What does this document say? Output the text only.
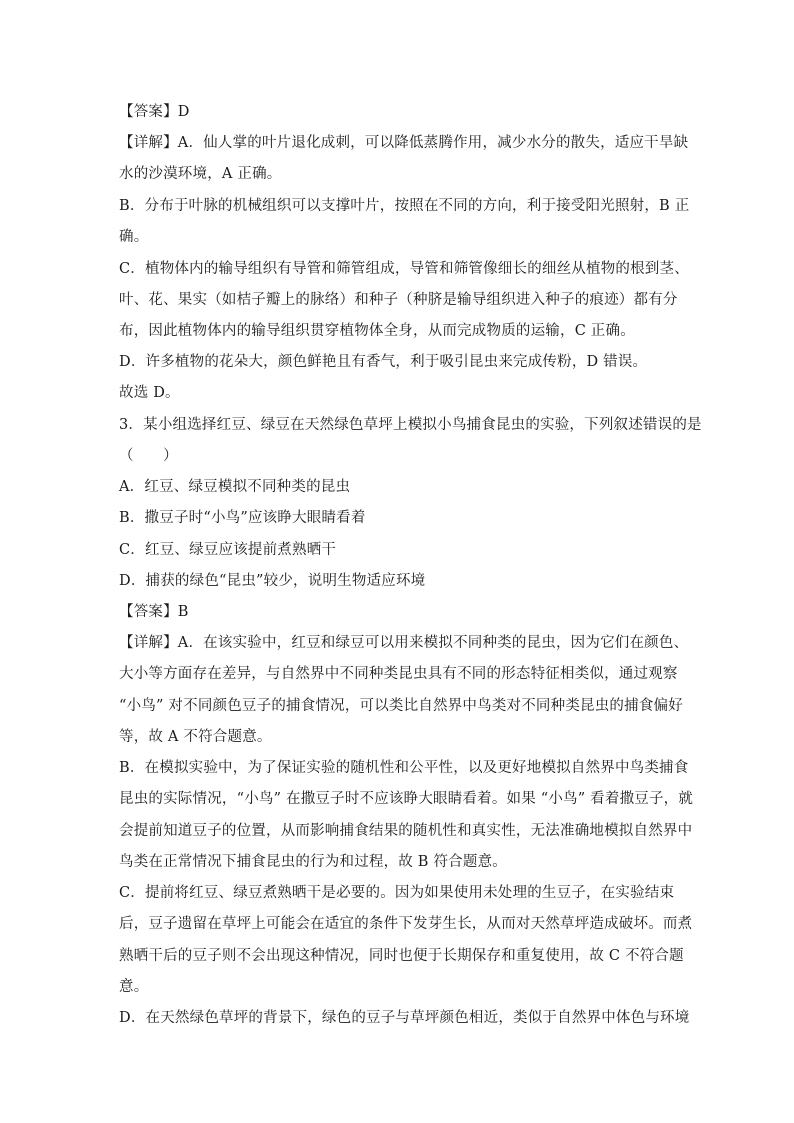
【答案】D
【详解】A．仙人掌的叶片退化成刺，可以降低蒸腾作用，减少水分的散失，适应干旱缺
水的沙漠环境，A 正确。
B．分布于叶脉的机械组织可以支撑叶片，按照在不同的方向，利于接受阳光照射，B 正
确。
C．植物体内的输导组织有导管和筛管组成，导管和筛管像细长的细丝从植物的根到茎、
叶、花、果实（如桔子瓣上的脉络）和种子（种脐是输导组织进入种子的痕迹）都有分
布，因此植物体内的输导组织贯穿植物体全身，从而完成物质的运输，C 正确。
D．许多植物的花朵大，颜色鲜艳且有香气，利于吸引昆虫来完成传粉，D 错误。
故选 D。
3．某小组选择红豆、绿豆在天然绿色草坪上模拟小鸟捕食昆虫的实验，下列叙述错误的是
（　　）
A．红豆、绿豆模拟不同种类的昆虫
B．撒豆子时“小鸟”应该睁大眼睛看着
C．红豆、绿豆应该提前煮熟晒干
D．捕获的绿色“昆虫”较少，说明生物适应环境
【答案】B
【详解】A．在该实验中，红豆和绿豆可以用来模拟不同种类的昆虫，因为它们在颜色、
大小等方面存在差异，与自然界中不同种类昆虫具有不同的形态特征相类似，通过观察
“小鸟” 对不同颜色豆子的捕食情况，可以类比自然界中鸟类对不同种类昆虫的捕食偏好
等，故 A 不符合题意。
B．在模拟实验中，为了保证实验的随机性和公平性，以及更好地模拟自然界中鸟类捕食
昆虫的实际情况，“小鸟” 在撒豆子时不应该睁大眼睛看着。如果 “小鸟” 看着撒豆子，就
会提前知道豆子的位置，从而影响捕食结果的随机性和真实性，无法准确地模拟自然界中
鸟类在正常情况下捕食昆虫的行为和过程，故 B 符合题意。
C．提前将红豆、绿豆煮熟晒干是必要的。因为如果使用未处理的生豆子，在实验结束
后，豆子遗留在草坪上可能会在适宜的条件下发芽生长，从而对天然草坪造成破坏。而煮
熟晒干后的豆子则不会出现这种情况，同时也便于长期保存和重复使用，故 C 不符合题
意。
D．在天然绿色草坪的背景下，绿色的豆子与草坪颜色相近，类似于自然界中体色与环境
